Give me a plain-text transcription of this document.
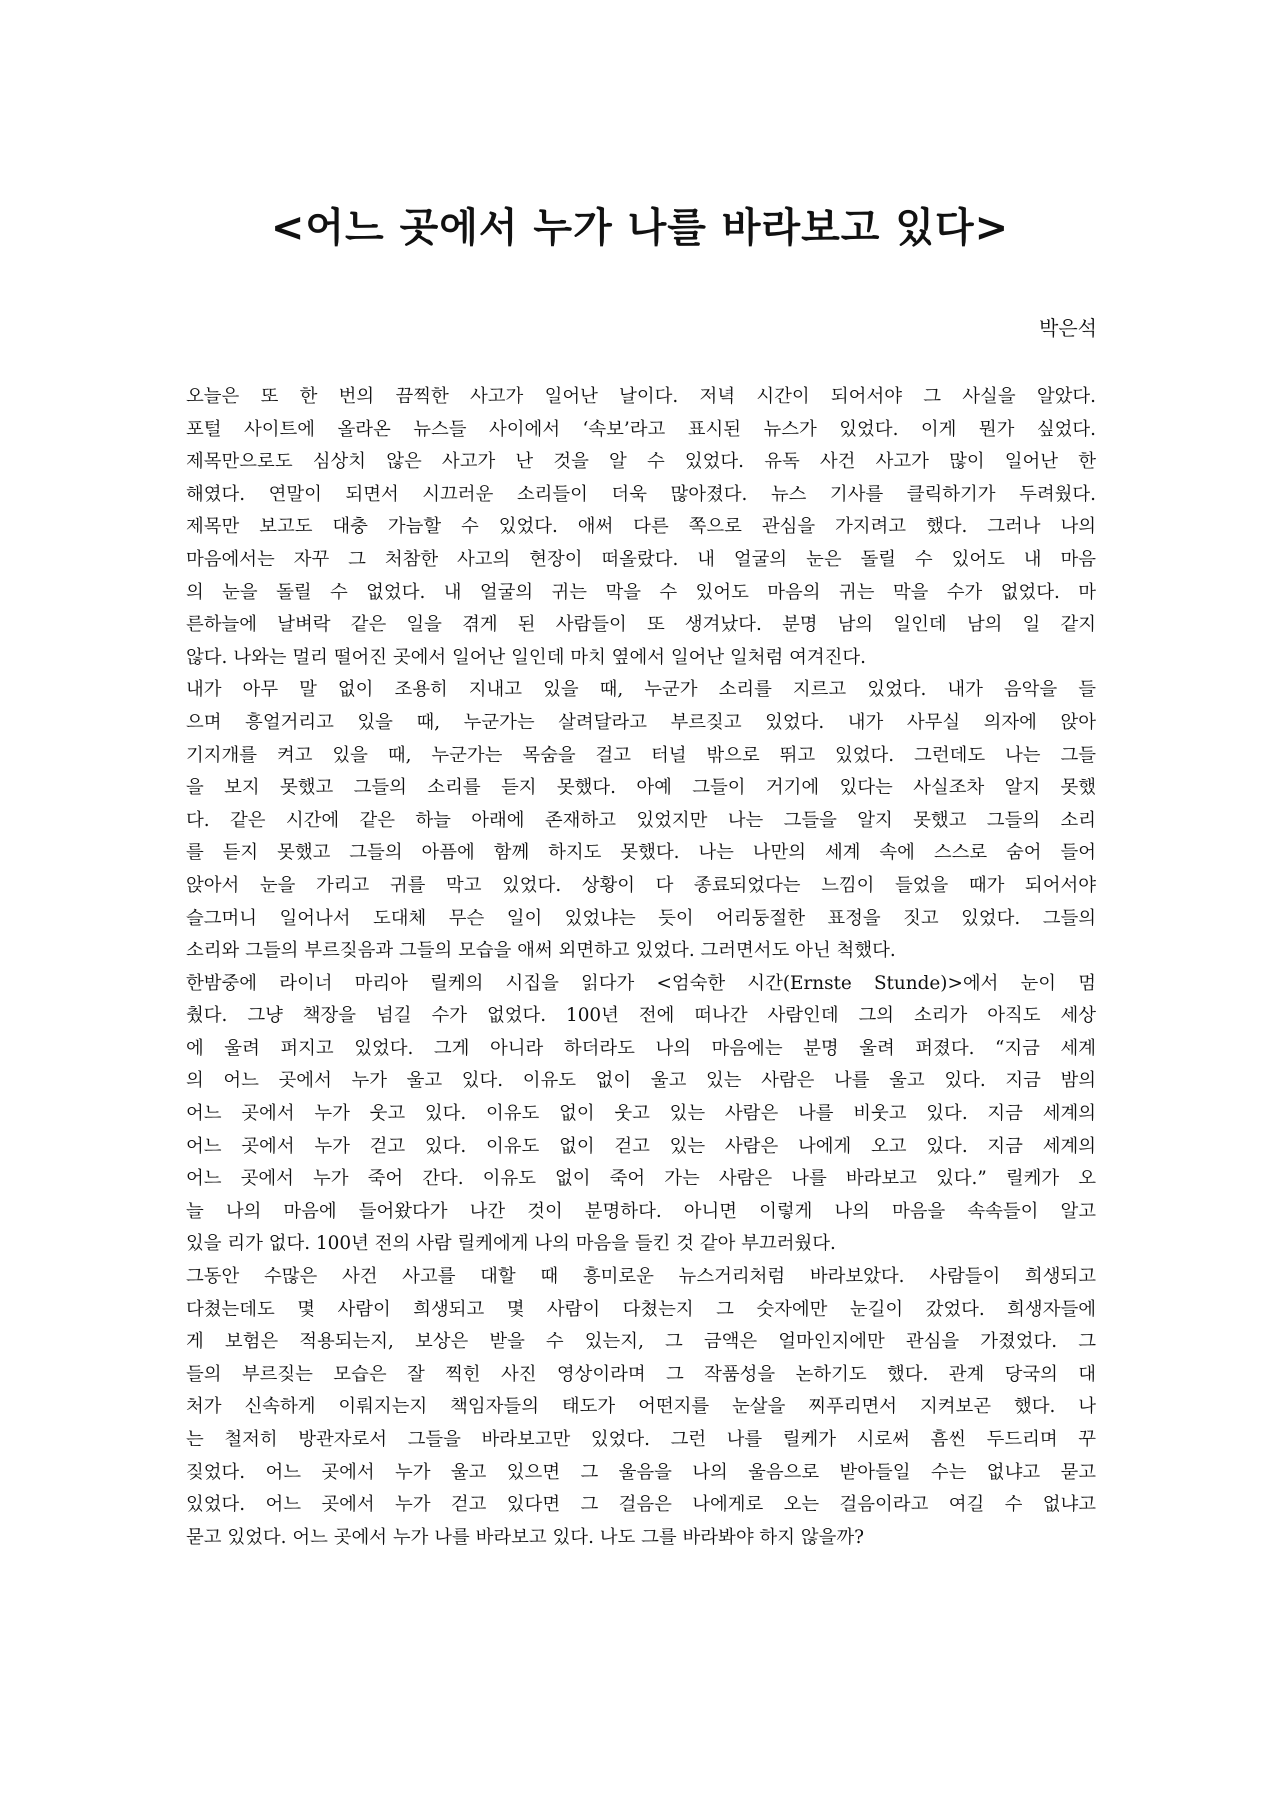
<어느 곳에서 누가 나를 바라보고 있다>

박은석

오늘은 또 한 번의 끔찍한 사고가 일어난 날이다. 저녁 시간이 되어서야 그 사실을 알았다.
포털 사이트에 올라온 뉴스들 사이에서 ‘속보’라고 표시된 뉴스가 있었다. 이게 뭔가 싶었다.
제목만으로도 심상치 않은 사고가 난 것을 알 수 있었다. 유독 사건 사고가 많이 일어난 한
해였다. 연말이 되면서 시끄러운 소리들이 더욱 많아졌다. 뉴스 기사를 클릭하기가 두려웠다.
제목만 보고도 대충 가늠할 수 있었다. 애써 다른 쪽으로 관심을 가지려고 했다. 그러나 나의
마음에서는 자꾸 그 처참한 사고의 현장이 떠올랐다. 내 얼굴의 눈은 돌릴 수 있어도 내 마음
의 눈을 돌릴 수 없었다. 내 얼굴의 귀는 막을 수 있어도 마음의 귀는 막을 수가 없었다. 마
른하늘에 날벼락 같은 일을 겪게 된 사람들이 또 생겨났다. 분명 남의 일인데 남의 일 같지
않다. 나와는 멀리 떨어진 곳에서 일어난 일인데 마치 옆에서 일어난 일처럼 여겨진다.
내가 아무 말 없이 조용히 지내고 있을 때, 누군가 소리를 지르고 있었다. 내가 음악을 들
으며 흥얼거리고 있을 때, 누군가는 살려달라고 부르짖고 있었다. 내가 사무실 의자에 앉아
기지개를 켜고 있을 때, 누군가는 목숨을 걸고 터널 밖으로 뛰고 있었다. 그런데도 나는 그들
을 보지 못했고 그들의 소리를 듣지 못했다. 아예 그들이 거기에 있다는 사실조차 알지 못했
다. 같은 시간에 같은 하늘 아래에 존재하고 있었지만 나는 그들을 알지 못했고 그들의 소리
를 듣지 못했고 그들의 아픔에 함께 하지도 못했다. 나는 나만의 세계 속에 스스로 숨어 들어
앉아서 눈을 가리고 귀를 막고 있었다. 상황이 다 종료되었다는 느낌이 들었을 때가 되어서야
슬그머니 일어나서 도대체 무슨 일이 있었냐는 듯이 어리둥절한 표정을 짓고 있었다. 그들의
소리와 그들의 부르짖음과 그들의 모습을 애써 외면하고 있었다. 그러면서도 아닌 척했다.
한밤중에 라이너 마리아 릴케의 시집을 읽다가 <엄숙한 시간(Ernste Stunde)>에서 눈이 멈
췄다. 그냥 책장을 넘길 수가 없었다. 100년 전에 떠나간 사람인데 그의 소리가 아직도 세상
에 울려 퍼지고 있었다. 그게 아니라 하더라도 나의 마음에는 분명 울려 퍼졌다. “지금 세계
의 어느 곳에서 누가 울고 있다. 이유도 없이 울고 있는 사람은 나를 울고 있다. 지금 밤의
어느 곳에서 누가 웃고 있다. 이유도 없이 웃고 있는 사람은 나를 비웃고 있다. 지금 세계의
어느 곳에서 누가 걷고 있다. 이유도 없이 걷고 있는 사람은 나에게 오고 있다. 지금 세계의
어느 곳에서 누가 죽어 간다. 이유도 없이 죽어 가는 사람은 나를 바라보고 있다.” 릴케가 오
늘 나의 마음에 들어왔다가 나간 것이 분명하다. 아니면 이렇게 나의 마음을 속속들이 알고
있을 리가 없다. 100년 전의 사람 릴케에게 나의 마음을 들킨 것 같아 부끄러웠다.
그동안 수많은 사건 사고를 대할 때 흥미로운 뉴스거리처럼 바라보았다. 사람들이 희생되고
다쳤는데도 몇 사람이 희생되고 몇 사람이 다쳤는지 그 숫자에만 눈길이 갔었다. 희생자들에
게 보험은 적용되는지, 보상은 받을 수 있는지, 그 금액은 얼마인지에만 관심을 가졌었다. 그
들의 부르짖는 모습은 잘 찍힌 사진 영상이라며 그 작품성을 논하기도 했다. 관계 당국의 대
처가 신속하게 이뤄지는지 책임자들의 태도가 어떤지를 눈살을 찌푸리면서 지켜보곤 했다. 나
는 철저히 방관자로서 그들을 바라보고만 있었다. 그런 나를 릴케가 시로써 흠씬 두드리며 꾸
짖었다. 어느 곳에서 누가 울고 있으면 그 울음을 나의 울음으로 받아들일 수는 없냐고 묻고
있었다. 어느 곳에서 누가 걷고 있다면 그 걸음은 나에게로 오는 걸음이라고 여길 수 없냐고
묻고 있었다. 어느 곳에서 누가 나를 바라보고 있다. 나도 그를 바라봐야 하지 않을까?
